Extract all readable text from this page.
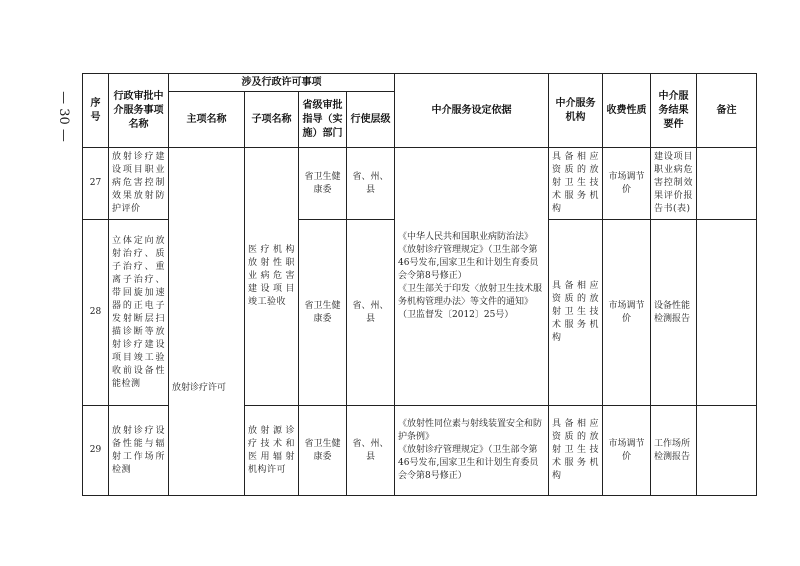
— 30 — 序号	行政审批中介服务事项名称	涉及行政许可事项				中介服务设定依据	中介服务机构	收费性质	中介服务结果要件	备注
		主项名称	子项名称	省级审批指导（实施）部门	行使层级					
27	放射诊疗建设项目职业病危害控制效果放射防护评价	放射诊疗许可	医疗机构放射性职业病危害建设项目竣工验收	省卫生健康委	省、州、县	《中华人民共和国职业病防治法》
《放射诊疗管理规定》（卫生部令第46号发布,国家卫生和计划生育委员会令第8号修正）
《卫生部关于印发〈放射卫生技术服务机构管理办法〉等文件的通知》（卫监督发〔2012〕25号）	具备相应资质的放射卫生技术服务机构	市场调节价	建设项目职业病危害控制效果评价报告书(表)	
28	立体定向放射治疗、质子治疗、重离子治疗、带回旋加速器的正电子发射断层扫描诊断等放射诊疗建设项目竣工验收前设备性能检测			省卫生健康委	省、州、县		具备相应资质的放射卫生技术服务机构	市场调节价	设备性能检测报告	
29	放射诊疗设备性能与辐射工作场所检测		放射源诊疗技术和医用辐射机构许可	省卫生健康委	省、州、县	《放射性同位素与射线装置安全和防护条例》
《放射诊疗管理规定》（卫生部令第46号发布,国家卫生和计划生育委员会令第8号修正）	具备相应资质的放射卫生技术服务机构	市场调节价	工作场所检测报告	
